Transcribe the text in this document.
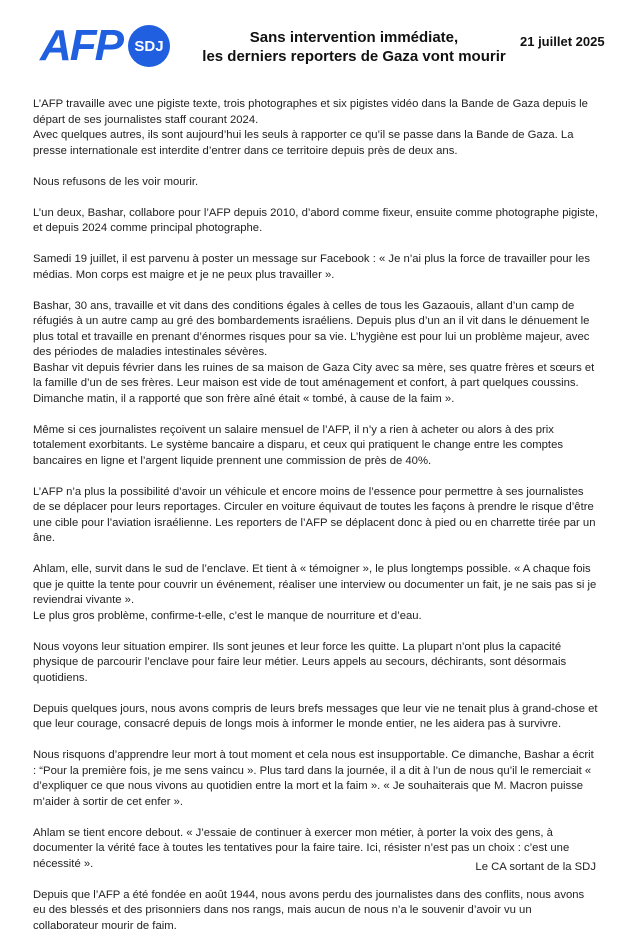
AFP SDJ	Sans intervention immédiate,
les derniers reporters de Gaza vont mourir
21 juillet 2025

L’AFP travaille avec une pigiste texte, trois photographes et six pigistes vidéo dans la Bande de Gaza depuis le départ de ses journalistes staff courant 2024.

Avec quelques autres, ils sont aujourd’hui les seuls à rapporter ce qu’il se passe dans la Bande de Gaza. La presse internationale est interdite d’entrer dans ce territoire depuis près de deux ans.

Nous refusons de les voir mourir.

L’un deux, Bashar, collabore pour l’AFP depuis 2010, d’abord comme fixeur, ensuite comme photographe pigiste, et depuis 2024 comme principal photographe.

Samedi 19 juillet, il est parvenu à poster un message sur Facebook : « Je n’ai plus la force de travailler pour les médias. Mon corps est maigre et je ne peux plus travailler ».

Bashar, 30 ans, travaille et vit dans des conditions égales à celles de tous les Gazaouis, allant d’un camp de réfugiés à un autre camp au gré des bombardements israéliens. Depuis plus d’un an il vit dans le dénuement le plus total et travaille en prenant d’énormes risques pour sa vie. L’hygiène est pour lui un problème majeur, avec des périodes de maladies intestinales sévères.

Bashar vit depuis février dans les ruines de sa maison de Gaza City avec sa mère, ses quatre frères et sœurs et la famille d’un de ses frères. Leur maison est vide de tout aménagement et confort, à part quelques coussins. Dimanche matin, il a rapporté que son frère aîné était « tombé, à cause de la faim ».

Même si ces journalistes reçoivent un salaire mensuel de l’AFP, il n’y a rien à acheter ou alors à des prix totalement exorbitants. Le système bancaire a disparu, et ceux qui pratiquent le change entre les comptes bancaires en ligne et l’argent liquide prennent une commission de près de 40%.

L’AFP n’a plus la possibilité d’avoir un véhicule et encore moins de l’essence pour permettre à ses journalistes de se déplacer pour leurs reportages. Circuler en voiture équivaut de toutes les façons à prendre le risque d’être une cible pour l’aviation israélienne. Les reporters de l’AFP se déplacent donc à pied ou en charrette tirée par un âne.

Ahlam, elle, survit dans le sud de l’enclave. Et tient à « témoigner », le plus longtemps possible. « A chaque fois que je quitte la tente pour couvrir un événement, réaliser une interview ou documenter un fait, je ne sais pas si je reviendrai vivante ».

Le plus gros problème, confirme-t-elle, c’est le manque de nourriture et d’eau.

Nous voyons leur situation empirer. Ils sont jeunes et leur force les quitte. La plupart n’ont plus la capacité physique de parcourir l’enclave pour faire leur métier. Leurs appels au secours, déchirants, sont désormais quotidiens.

Depuis quelques jours, nous avons compris de leurs brefs messages que leur vie ne tenait plus à grand-chose et que leur courage, consacré depuis de longs mois à informer le monde entier, ne les aidera pas à survivre.

Nous risquons d’apprendre leur mort à tout moment et cela nous est insupportable. Ce dimanche, Bashar a écrit : “Pour la première fois, je me sens vaincu ». Plus tard dans la journée, il a dit à l’un de nous qu’il le remerciait « d’expliquer ce que nous vivons au quotidien entre la mort et la faim ». « Je souhaiterais que M. Macron puisse m’aider à sortir de cet enfer ».

Ahlam se tient encore debout. « J’essaie de continuer à exercer mon métier, à porter la voix des gens, à documenter la vérité face à toutes les tentatives pour la faire taire. Ici, résister n’est pas un choix : c’est une nécessité ».

Depuis que l’AFP a été fondée en août 1944, nous avons perdu des journalistes dans des conflits, nous avons eu des blessés et des prisonniers dans nos rangs, mais aucun de nous n’a le souvenir d’avoir vu un collaborateur mourir de faim.

Le CA sortant de la SDJ
